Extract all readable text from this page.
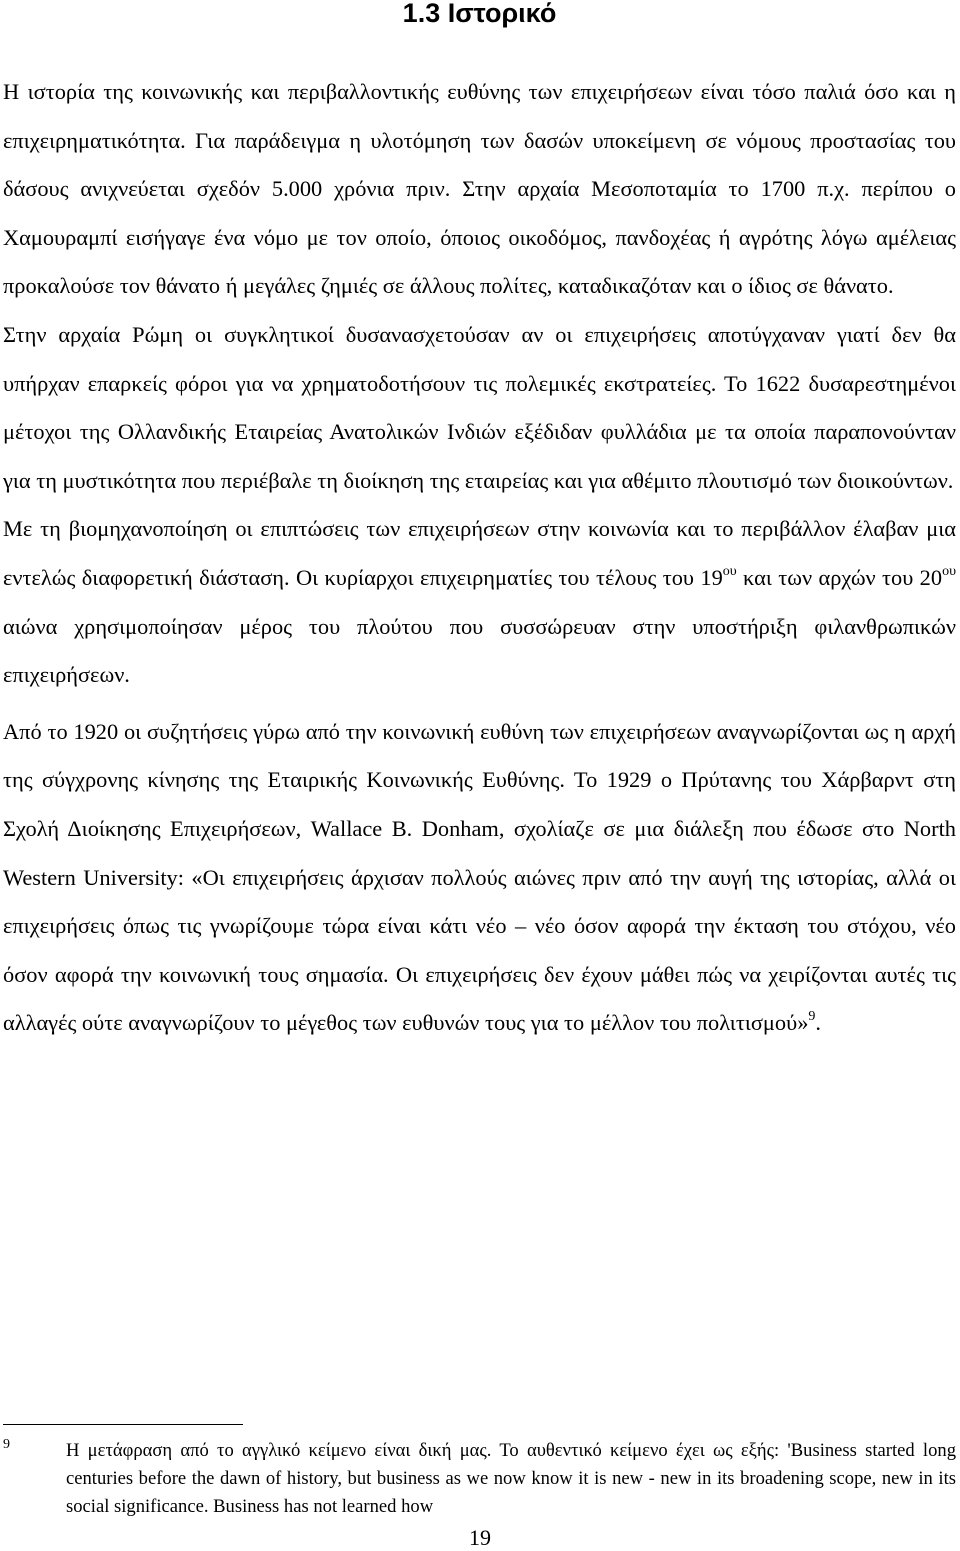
1.3 Ιστορικό

Η ιστορία της κοινωνικής και περιβαλλοντικής ευθύνης των επιχειρήσεων είναι τόσο παλιά όσο και η επιχειρηματικότητα. Για παράδειγμα η υλοτόμηση των δασών υποκείμενη σε νόμους προστασίας του δάσους ανιχνεύεται σχεδόν 5.000 χρόνια πριν. Στην αρχαία Μεσοποταμία το 1700 π.χ. περίπου ο Χαμουραμπί εισήγαγε ένα νόμο με τον οποίο, όποιος οικοδόμος, πανδοχέας ή αγρότης λόγω αμέλειας προκαλούσε τον θάνατο ή μεγάλες ζημιές σε άλλους πολίτες, καταδικαζόταν και ο ίδιος σε θάνατο.

Στην αρχαία Ρώμη οι συγκλητικοί δυσανασχετούσαν αν οι επιχειρήσεις αποτύγχαναν γιατί δεν θα υπήρχαν επαρκείς φόροι για να χρηματοδοτήσουν τις πολεμικές εκστρατείες. Το 1622 δυσαρεστημένοι μέτοχοι της Ολλανδικής Εταιρείας Ανατολικών Ινδιών εξέδιδαν φυλλάδια με τα οποία παραπονούνταν για τη μυστικότητα που περιέβαλε τη διοίκηση της εταιρείας και για αθέμιτο πλουτισμό των διοικούντων.

Με τη βιομηχανοποίηση οι επιπτώσεις των επιχειρήσεων στην κοινωνία και το περιβάλλον έλαβαν μια εντελώς διαφορετική διάσταση. Οι κυρίαρχοι επιχειρηματίες του τέλους του $19^{o\upsilon}$ και των αρχών του $20^{o\upsilon}$ αιώνα χρησιμοποίησαν μέρος του πλούτου που συσσώρευαν στην υποστήριξη φιλανθρωπικών επιχειρήσεων.

Από το 1920 οι συζητήσεις γύρω από την κοινωνική ευθύνη των επιχειρήσεων αναγνωρίζονται ως η αρχή της σύγχρονης κίνησης της Εταιρικής Κοινωνικής Ευθύνης. Το 1929 ο Πρύτανης του Χάρβαρντ στη Σχολή Διοίκησης Επιχειρήσεων, Wallace B. Donham, σχολίαζε σε μια διάλεξη που έδωσε στο North Western University: «Οι επιχειρήσεις άρχισαν πολλούς αιώνες πριν από την αυγή της ιστορίας, αλλά οι επιχειρήσεις όπως τις γνωρίζουμε τώρα είναι κάτι νέο – νέο όσον αφορά την έκταση του στόχου, νέο όσον αφορά την κοινωνική τους σημασία. Οι επιχειρήσεις δεν έχουν μάθει πώς να χειρίζονται αυτές τις αλλαγές ούτε αναγνωρίζουν το μέγεθος των ευθυνών τους για το μέλλον του πολιτισμού»$^9$.

9	Η μετάφραση από το αγγλικό κείμενο είναι δική μας. Το αυθεντικό κείμενο έχει ως εξής: 'Business started long centuries before the dawn of history, but business as we now know it is new - new in its broadening scope, new in its social significance. Business has not learned how
19
